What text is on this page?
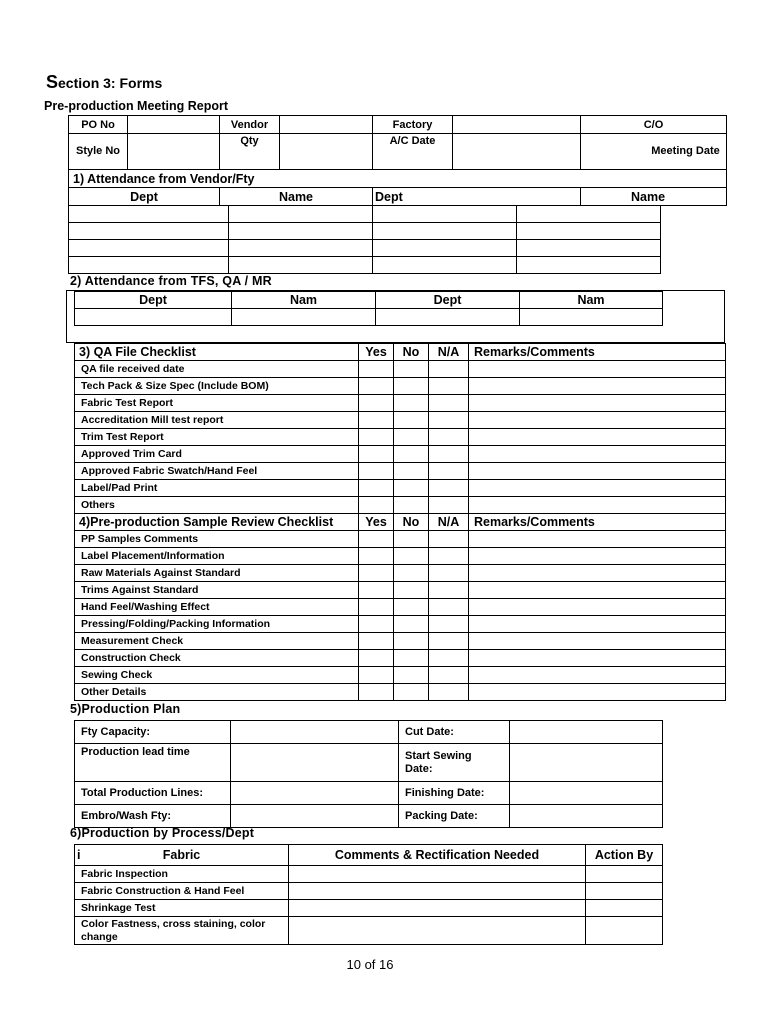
Section 3: Forms
Pre-production Meeting Report
PO No		Vendor		Factory		C/O
Style No		Qty		A/C Date		Meeting Date
1) Attendance from Vendor/Fty						
Dept		Name		Dept		Name

2) Attendance from TFS, QA / MR
Dept	Nam	Dept	Nam

3) QA File Checklist	Yes	No	N/A	Remarks/Comments
QA file received date				
Tech Pack & Size Spec (Include BOM)				
Fabric Test Report				
Accreditation Mill test report				
Trim Test Report				
Approved Trim Card				
Approved Fabric Swatch/Hand Feel				
Label/Pad Print				
Others				
4)Pre-production Sample Review Checklist	Yes	No	N/A	Remarks/Comments
PP Samples Comments				
Label Placement/Information				
Raw Materials Against Standard				
Trims Against Standard				
Hand Feel/Washing Effect				
Pressing/Folding/Packing Information				
Measurement Check				
Construction Check				
Sewing Check				
Other Details				
5)Production Plan
Fty Capacity:		Cut Date:	
Production lead time		Start Sewing Date:	
Total Production Lines:		Finishing Date:	
Embro/Wash Fty:		Packing Date:	
6)Production by Process/Dept
i Fabric	Comments & Rectification Needed	Action By
Fabric Inspection		
Fabric Construction & Hand Feel		
Shrinkage Test		
Color Fastness, cross staining, color change		
10 of 16
